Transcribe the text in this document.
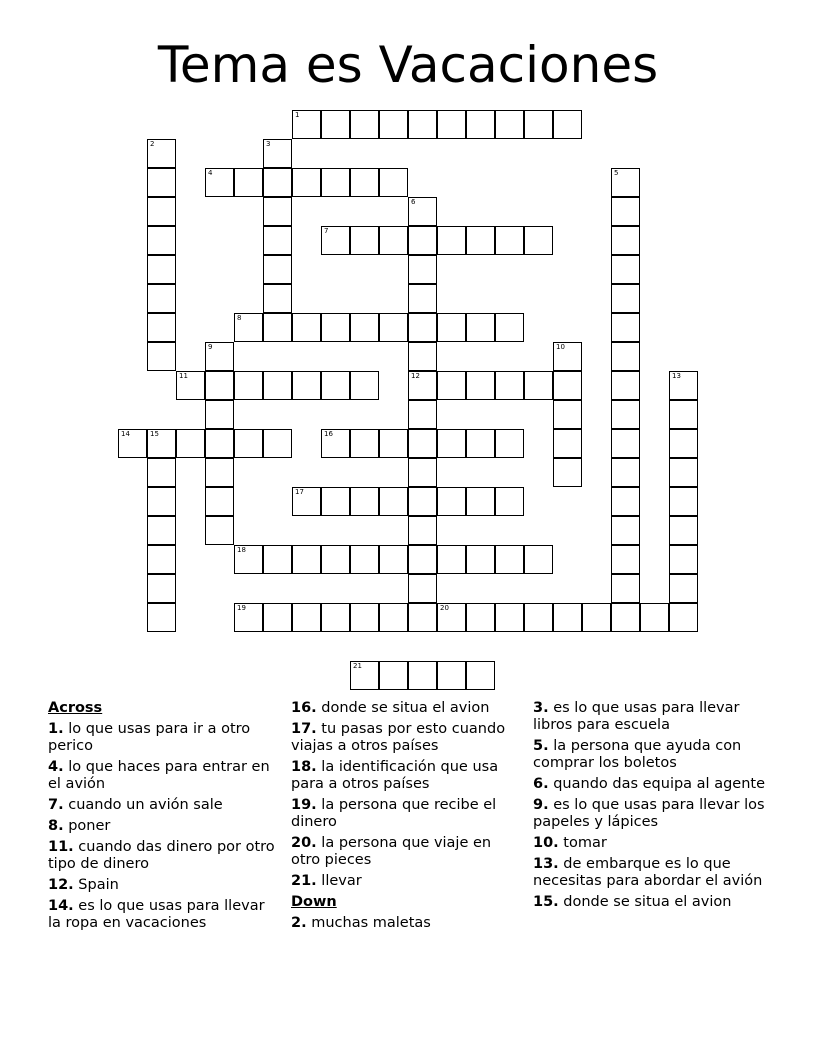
Tema es Vacaciones
1
2	3
4	5
6
12
7
8
9	10
11	13
14	15	16
17
18
19	20
21
Across
1. lo que usas para ir a otro perico
4. lo que haces para entrar en el avión
7. cuando un avión sale
8. poner
11. cuando das dinero por otro tipo de dinero
12. Spain
14. es lo que usas para llevar la ropa en vacaciones
16. donde se situa el avion
17. tu pasas por esto cuando viajas a otros países
18. la identificación que usa para a otros países
19. la persona que recibe el dinero
20. la persona que viaje en otro pieces
21. llevar
Down
2. muchas maletas
3. es lo que usas para llevar libros para escuela
5. la persona que ayuda con comprar los boletos
6. quando das equipa al agente
9. es lo que usas para llevar los papeles y lápices
10. tomar
13. de embarque es lo que necesitas para abordar el avión
15. donde se situa el avion
